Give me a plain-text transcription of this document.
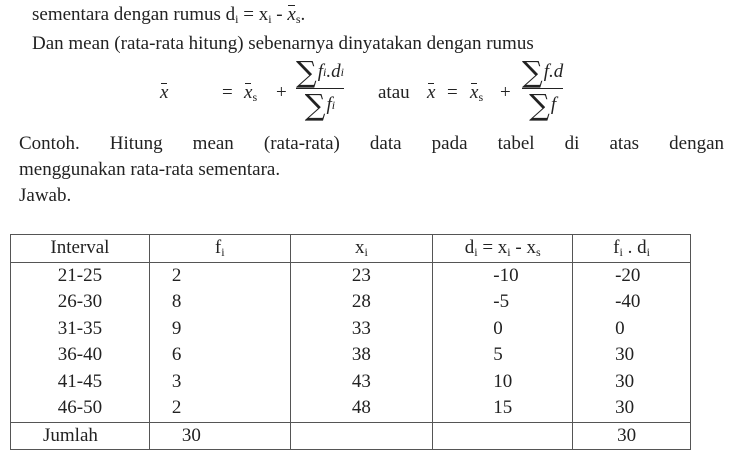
sementara dengan rumus $d_i = x_i - x_s$.
Dan mean (rata-rata hitung) sebenarnya dinyatakan dengan rumus
x	= $x_s$ +
∑ f i .d i
∑ f i
atau $x = x_s$ +
∑ f.d
∑ f
Contoh. Hitung mean (rata-rata) data pada tabel di atas dengan
menggunakan rata-rata sementara.
Jawab.
Interval	$f_i$	$x_i$	$d_i = x_i - x_s$	$f_i$ . $d_i$
21-25	2	23	-10	-20
26-30	8	28	-5	-40
31-35	9	33	0	0
36-40	6	38	5	30
41-45	3	43	10	30
46-50	2	48	15	30
Jumlah	30			30
